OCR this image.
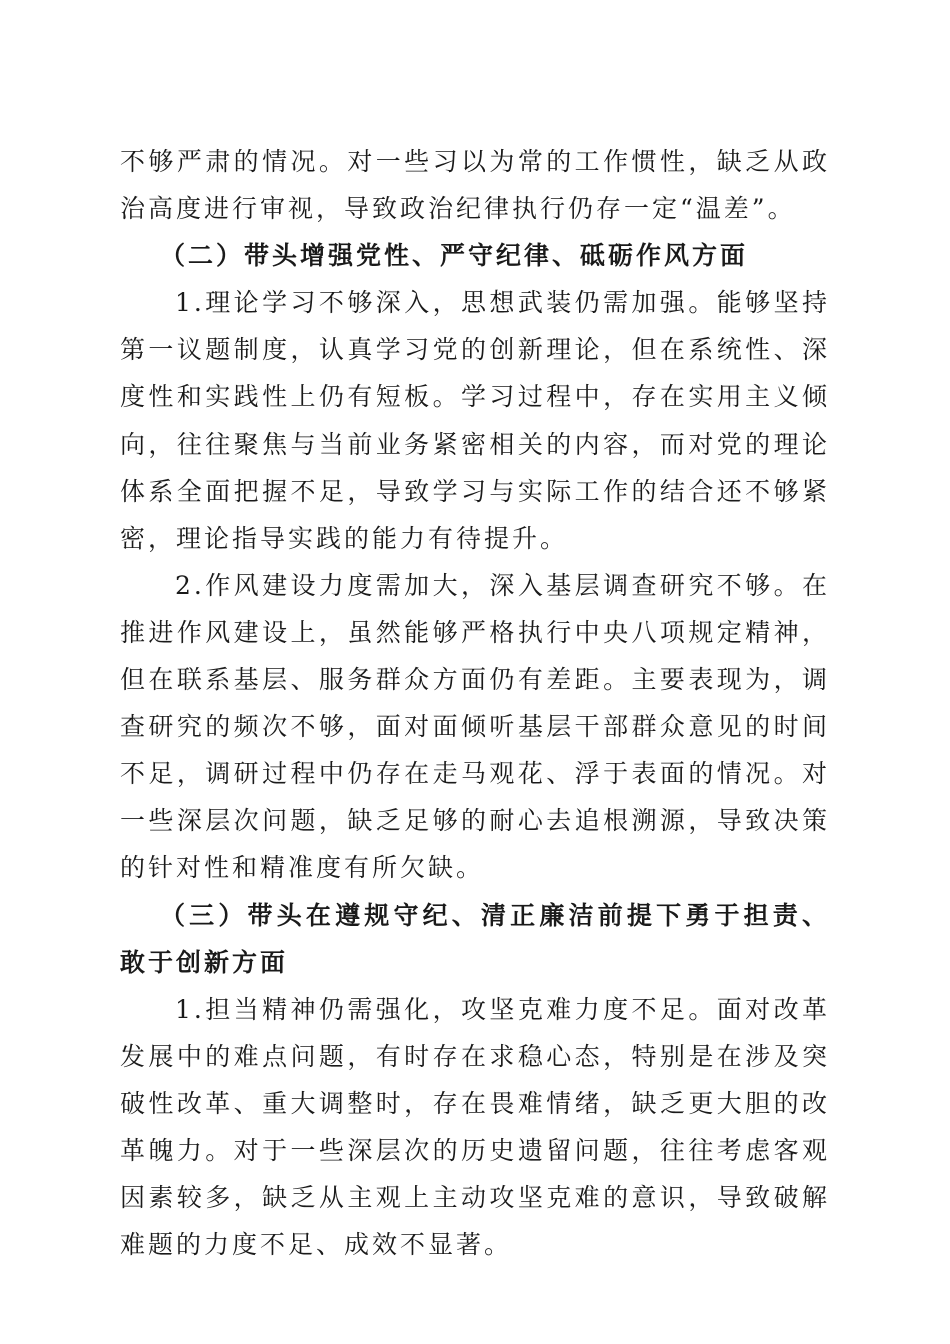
不够严肃的情况。对一些习以为常的工作惯性，缺乏从政治高度进行审视，导致政治纪律执行仍存一定“温差”。

（二）带头增强党性、严守纪律、砥砺作风方面

1.理论学习不够深入，思想武装仍需加强。能够坚持第一议题制度，认真学习党的创新理论，但在系统性、深度性和实践性上仍有短板。学习过程中，存在实用主义倾向，往往聚焦与当前业务紧密相关的内容，而对党的理论体系全面把握不足，导致学习与实际工作的结合还不够紧密，理论指导实践的能力有待提升。

2.作风建设力度需加大，深入基层调查研究不够。在推进作风建设上，虽然能够严格执行中央八项规定精神，但在联系基层、服务群众方面仍有差距。主要表现为，调查研究的频次不够，面对面倾听基层干部群众意见的时间不足，调研过程中仍存在走马观花、浮于表面的情况。对一些深层次问题，缺乏足够的耐心去追根溯源，导致决策的针对性和精准度有所欠缺。

（三）带头在遵规守纪、清正廉洁前提下勇于担责、敢于创新方面

1.担当精神仍需强化，攻坚克难力度不足。面对改革发展中的难点问题，有时存在求稳心态，特别是在涉及突破性改革、重大调整时，存在畏难情绪，缺乏更大胆的改革魄力。对于一些深层次的历史遗留问题，往往考虑客观因素较多，缺乏从主观上主动攻坚克难的意识，导致破解难题的力度不足、成效不显著。
